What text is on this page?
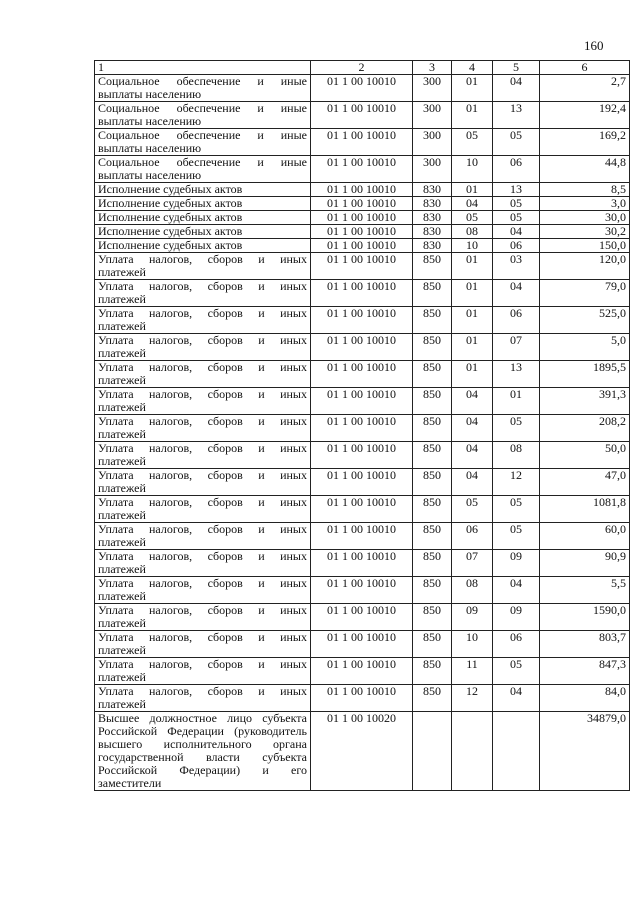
160
1	2	3	4	5	6
Социальное обеспечение и иные выплаты населению	01 1 00 10010	300	01	04	2,7
Социальное обеспечение и иные выплаты населению	01 1 00 10010	300	01	13	192,4
Социальное обеспечение и иные выплаты населению	01 1 00 10010	300	05	05	169,2
Социальное обеспечение и иные выплаты населению	01 1 00 10010	300	10	06	44,8
Исполнение судебных актов	01 1 00 10010	830	01	13	8,5
Исполнение судебных актов	01 1 00 10010	830	04	05	3,0
Исполнение судебных актов	01 1 00 10010	830	05	05	30,0
Исполнение судебных актов	01 1 00 10010	830	08	04	30,2
Исполнение судебных актов	01 1 00 10010	830	10	06	150,0
Уплата налогов, сборов и иных платежей	01 1 00 10010	850	01	03	120,0
Уплата налогов, сборов и иных платежей	01 1 00 10010	850	01	04	79,0
Уплата налогов, сборов и иных платежей	01 1 00 10010	850	01	06	525,0
Уплата налогов, сборов и иных платежей	01 1 00 10010	850	01	07	5,0
Уплата налогов, сборов и иных платежей	01 1 00 10010	850	01	13	1895,5
Уплата налогов, сборов и иных платежей	01 1 00 10010	850	04	01	391,3
Уплата налогов, сборов и иных платежей	01 1 00 10010	850	04	05	208,2
Уплата налогов, сборов и иных платежей	01 1 00 10010	850	04	08	50,0
Уплата налогов, сборов и иных платежей	01 1 00 10010	850	04	12	47,0
Уплата налогов, сборов и иных платежей	01 1 00 10010	850	05	05	1081,8
Уплата налогов, сборов и иных платежей	01 1 00 10010	850	06	05	60,0
Уплата налогов, сборов и иных платежей	01 1 00 10010	850	07	09	90,9
Уплата налогов, сборов и иных платежей	01 1 00 10010	850	08	04	5,5
Уплата налогов, сборов и иных платежей	01 1 00 10010	850	09	09	1590,0
Уплата налогов, сборов и иных платежей	01 1 00 10010	850	10	06	803,7
Уплата налогов, сборов и иных платежей	01 1 00 10010	850	11	05	847,3
Уплата налогов, сборов и иных платежей	01 1 00 10010	850	12	04	84,0
Высшее должностное лицо субъекта Российской Федерации (руководитель высшего исполнительного органа государственной власти субъекта Российской Федерации) и его заместители	01 1 00 10020				34879,0
